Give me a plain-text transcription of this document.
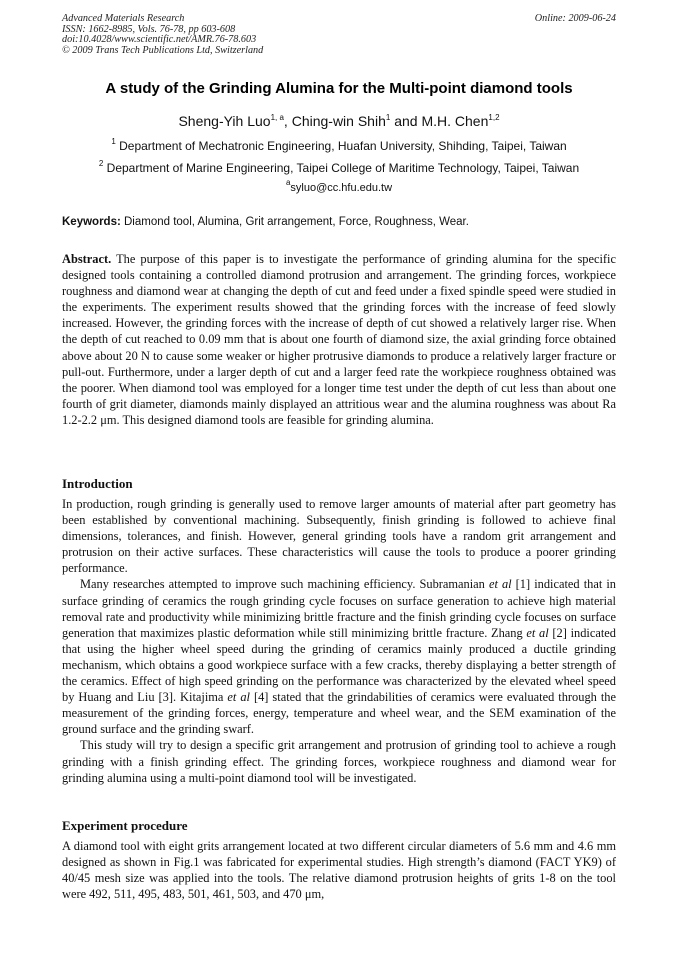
Advanced Materials Research
ISSN: 1662-8985, Vols. 76-78, pp 603-608
doi:10.4028/www.scientific.net/AMR.76-78.603
© 2009 Trans Tech Publications Ltd, Switzerland
Online: 2009-06-24
A study of the Grinding Alumina for the Multi-point diamond tools
Sheng-Yih Luo$^{1, a}$, Ching-win Shih$^1$ and M.H. Chen$^{1,2}$
$^1$ Department of Mechatronic Engineering, Huafan University, Shihding, Taipei, Taiwan
$^2$ Department of Marine Engineering, Taipei College of Maritime Technology, Taipei, Taiwan
$^a$syluo@cc.hfu.edu.tw
Keywords: Diamond tool, Alumina, Grit arrangement, Force, Roughness, Wear.
Abstract. The purpose of this paper is to investigate the performance of grinding alumina for the specific designed tools containing a controlled diamond protrusion and arrangement. The grinding forces, workpiece roughness and diamond wear at changing the depth of cut and feed under a fixed spindle speed were studied in the experiments. The experiment results showed that the grinding forces with the increase of feed slowly increased. However, the grinding forces with the increase of depth of cut showed a relatively larger rise. When the depth of cut reached to 0.09 mm that is about one fourth of diamond size, the axial grinding force obtained above about 20 N to cause some weaker or higher protrusive diamonds to produce a relatively larger fracture or pull-out. Furthermore, under a larger depth of cut and a larger feed rate the workpiece roughness obtained was the poorer. When diamond tool was employed for a longer time test under the depth of cut less than about one fourth of grit diameter, diamonds mainly displayed an attritious wear and the alumina roughness was about Ra 1.2-2.2 μm. This designed diamond tools are feasible for grinding alumina.
Introduction

In production, rough grinding is generally used to remove larger amounts of material after part geometry has been established by conventional machining. Subsequently, finish grinding is followed to achieve final dimensions, tolerances, and finish. However, general grinding tools have a random grit arrangement and protrusion on their active surfaces. These characteristics will cause the tools to produce a poorer grinding performance.

Many researches attempted to improve such machining efficiency. Subramanian et al [1] indicated that in surface grinding of ceramics the rough grinding cycle focuses on surface generation to achieve high material removal rate and productivity while minimizing brittle fracture and the finish grinding cycle focuses on surface generation that maximizes plastic deformation while still minimizing brittle fracture. Zhang et al [2] indicated that using the higher wheel speed during the grinding of ceramics mainly produced a ductile grinding mechanism, which obtains a good workpiece surface with a few cracks, thereby displaying a better strength of the ceramics. Effect of high speed grinding on the performance was characterized by the elevated wheel speed by Huang and Liu [3]. Kitajima et al [4] stated that the grindabilities of ceramics were evaluated through the measurement of the grinding forces, energy, temperature and wheel wear, and the SEM examination of the ground surface and the grinding swarf.

This study will try to design a specific grit arrangement and protrusion of grinding tool to achieve a rough grinding with a finish grinding effect. The grinding forces, workpiece roughness and diamond wear for grinding alumina using a multi-point diamond tool will be investigated.

Experiment procedure

A diamond tool with eight grits arrangement located at two different circular diameters of 5.6 mm and 4.6 mm designed as shown in Fig.1 was fabricated for experimental studies. High strength’s diamond (FACT YK9) of 40/45 mesh size was applied into the tools. The relative diamond protrusion heights of grits 1-8 on the tool were 492, 511, 495, 483, 501, 461, 503, and 470 μm,
